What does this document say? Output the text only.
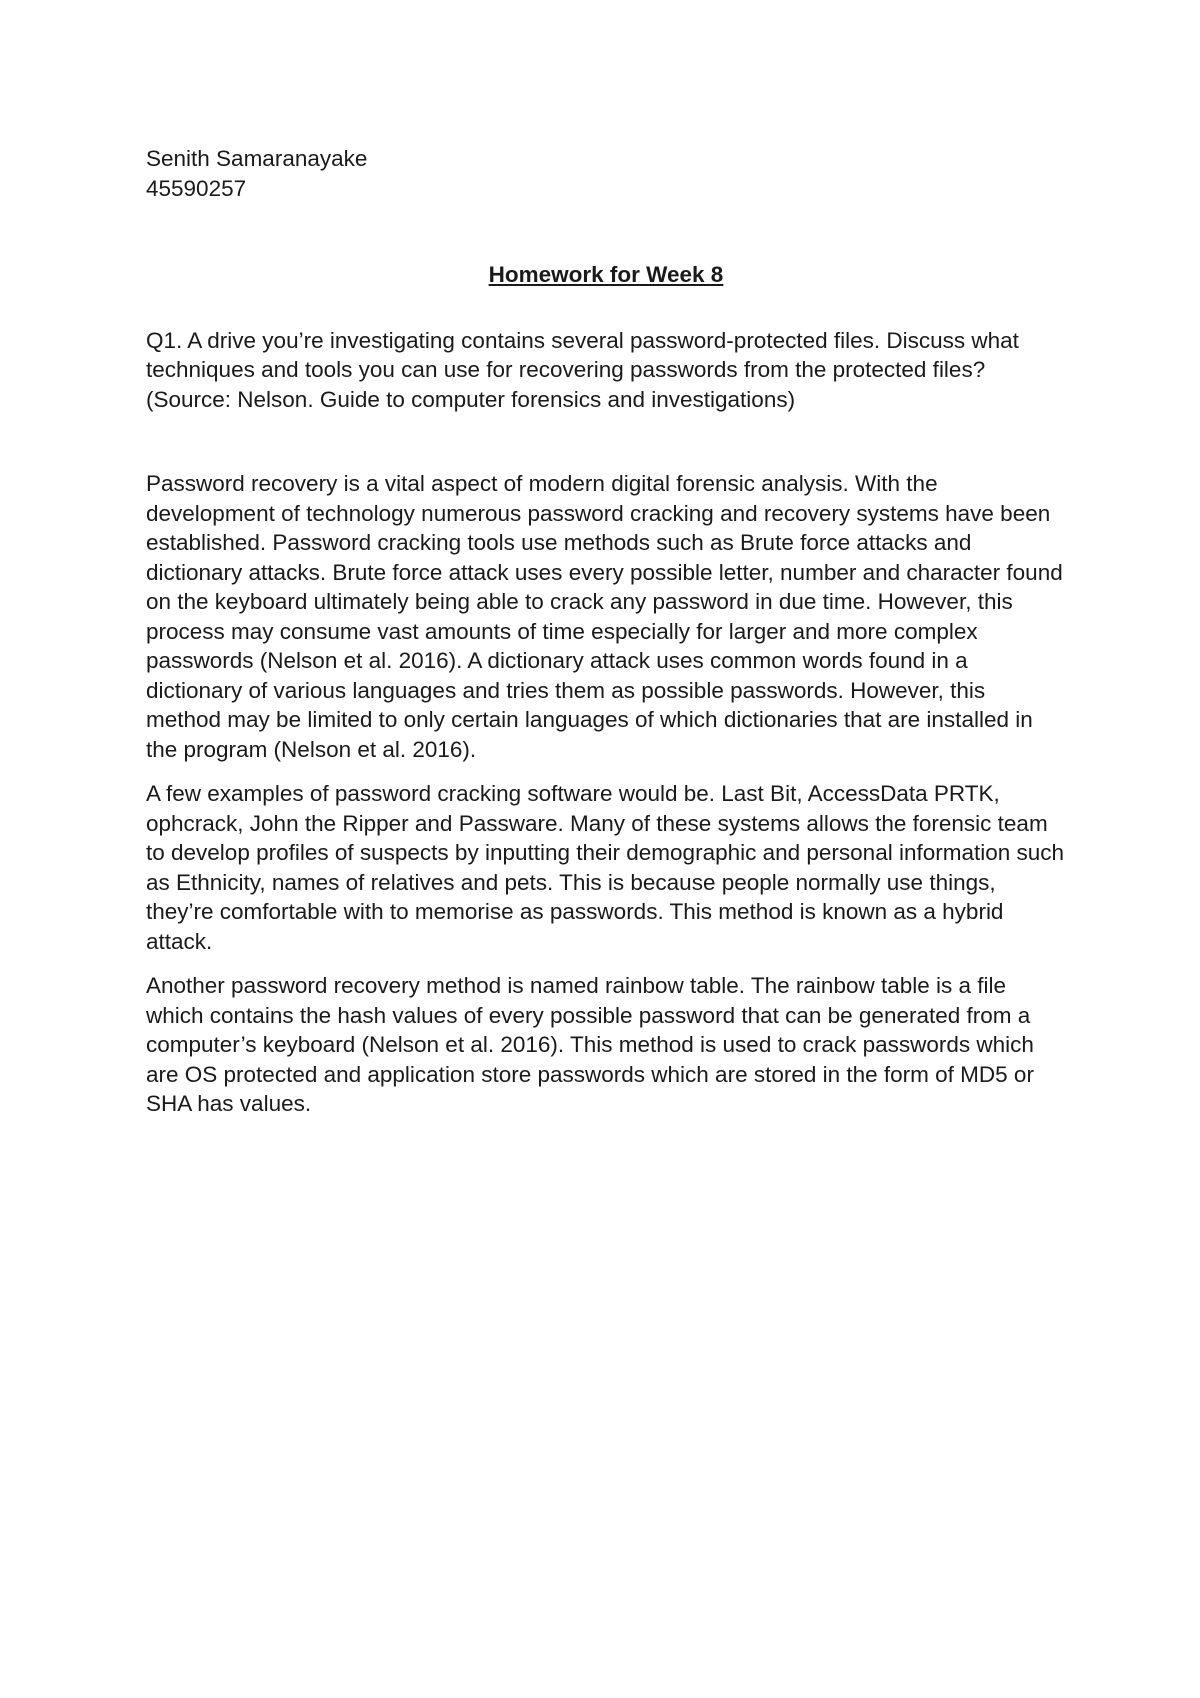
Senith Samaranayake
45590257
Homework for Week 8

Q1. A drive you’re investigating contains several password-protected files. Discuss what techniques and tools you can use for recovering passwords from the protected files? (Source: Nelson. Guide to computer forensics and investigations)

Password recovery is a vital aspect of modern digital forensic analysis. With the development of technology numerous password cracking and recovery systems have been established. Password cracking tools use methods such as Brute force attacks and dictionary attacks. Brute force attack uses every possible letter, number and character found on the keyboard ultimately being able to crack any password in due time. However, this process may consume vast amounts of time especially for larger and more complex passwords (Nelson et al. 2016). A dictionary attack uses common words found in a dictionary of various languages and tries them as possible passwords. However, this method may be limited to only certain languages of which dictionaries that are installed in the program (Nelson et al. 2016).

A few examples of password cracking software would be. Last Bit, AccessData PRTK, ophcrack, John the Ripper and Passware. Many of these systems allows the forensic team to develop profiles of suspects by inputting their demographic and personal information such as Ethnicity, names of relatives and pets. This is because people normally use things, they’re comfortable with to memorise as passwords. This method is known as a hybrid attack.

Another password recovery method is named rainbow table. The rainbow table is a file which contains the hash values of every possible password that can be generated from a computer’s keyboard (Nelson et al. 2016). This method is used to crack passwords which are OS protected and application store passwords which are stored in the form of MD5 or SHA has values.
